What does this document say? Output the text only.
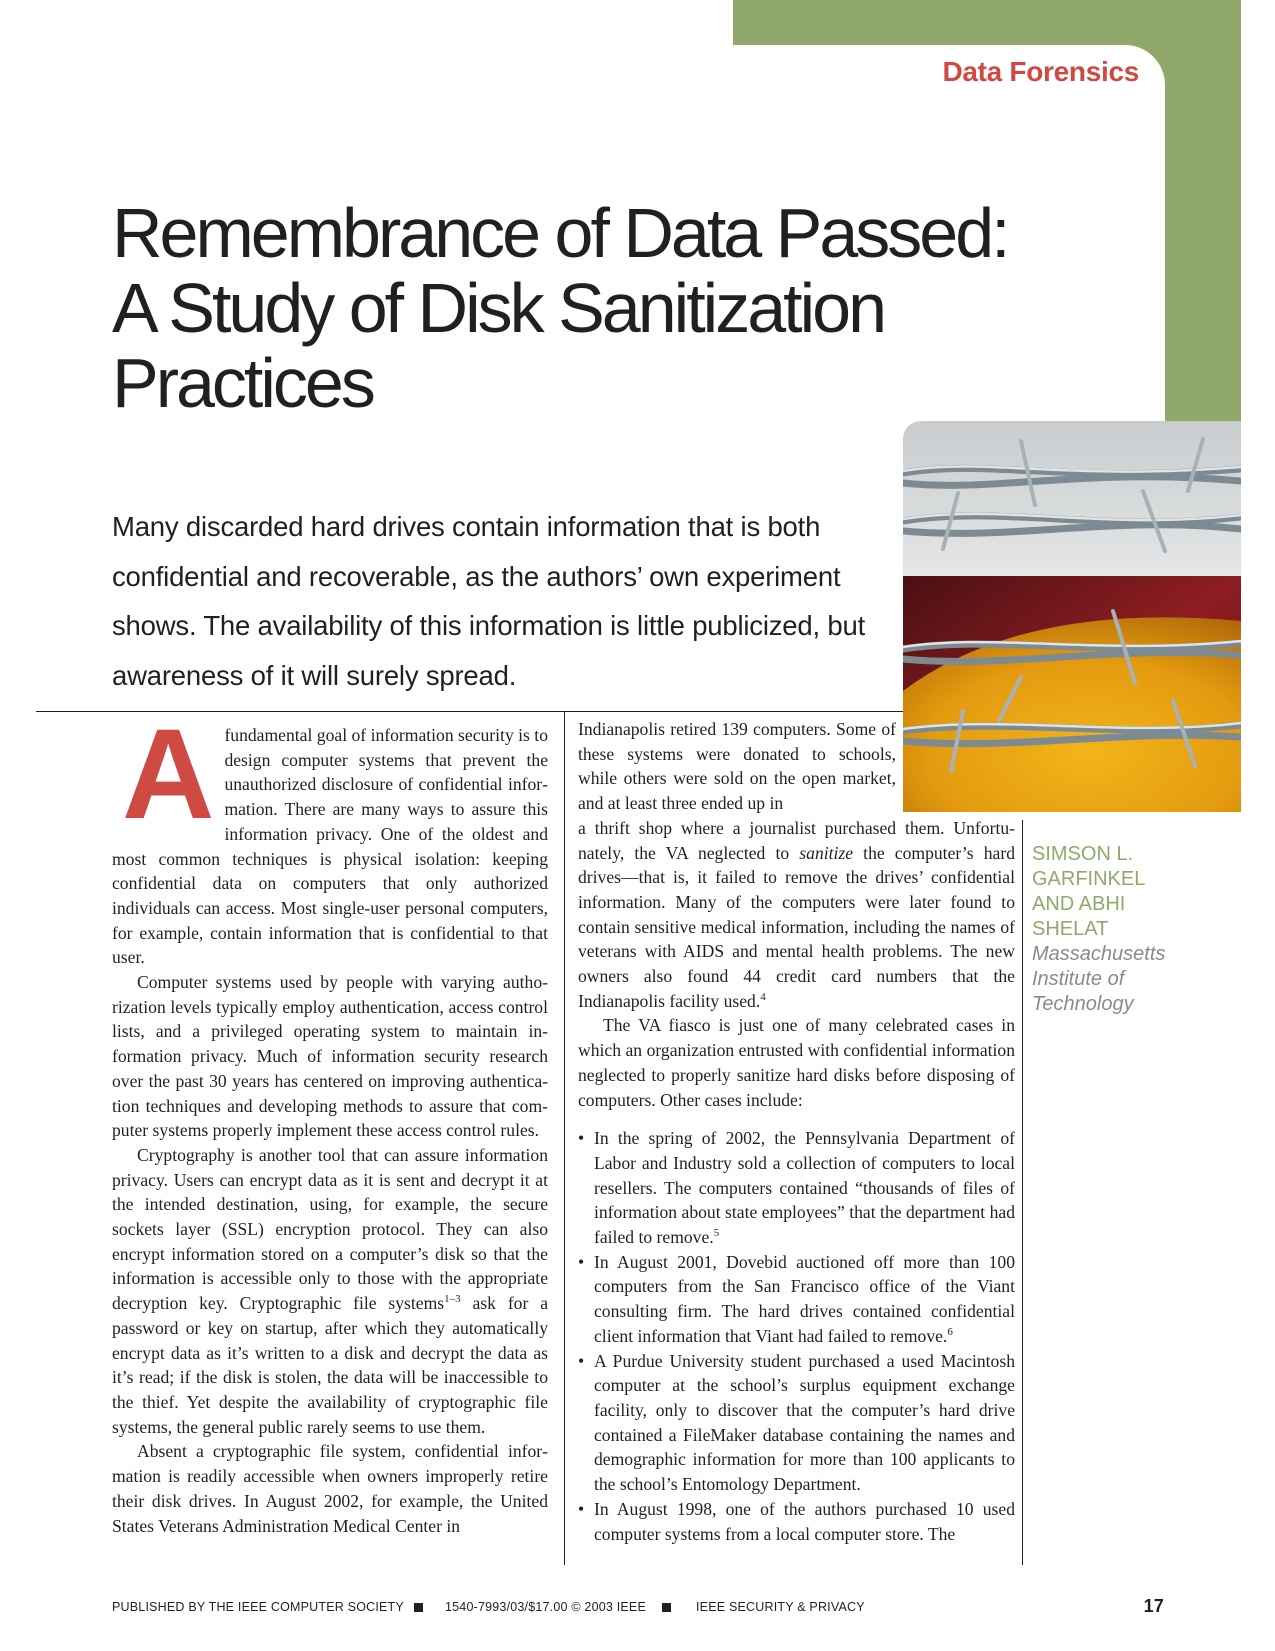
Data Forensics
Remembrance of Data Passed:
A Study of Disk Sanitization
Practices

Many discarded hard drives contain information that is both confidential and recoverable, as the authors’ own experiment shows. The availability of this information is little publicized, but awareness of it will surely spread.

SIMSON L.
GARFINKEL
AND ABHI
SHELAT
Massachusetts
Institute of
Technology

Afundamental goal of information security is to design computer systems that prevent the unauthorized disclosure of confidential information. There are many ways to assure this information privacy. One of the oldest and most common techniques is physical isolation: keeping confidential data on computers that only authorized individuals can access. Most single-user personal computers, for example, contain information that is confidential to that user.

Computer systems used by people with varying authorization levels typically employ authentication, access control lists, and a privileged operating system to maintain information privacy. Much of information security research over the past 30 years has centered on improving authentication techniques and developing methods to assure that computer systems properly implement these access control rules.

Cryptography is another tool that can assure information privacy. Users can encrypt data as it is sent and decrypt it at the intended destination, using, for example, the secure sockets layer (SSL) encryption protocol. They can also encrypt information stored on a computer’s disk so that the information is accessible only to those with the appropriate decryption key. Cryptographic file systems$^{1-3}$ ask for a password or key on startup, after which they automatically encrypt data as it’s written to a disk and decrypt the data as it’s read; if the disk is stolen, the data will be inaccessible to the thief. Yet despite the availability of cryptographic file systems, the general public rarely seems to use them.

Absent a cryptographic file system, confidential information is readily accessible when owners improperly retire their disk drives. In August 2002, for example, the United States Veterans Administration Medical Center in

Indianapolis retired 139 computers. Some of these systems were donated to schools, while others were sold on the open market, and at least three ended up in

a thrift shop where a journalist purchased them. Unfortunately, the VA neglected to sanitize the computer’s hard drives—that is, it failed to remove the drives’ confidential information. Many of the computers were later found to contain sensitive medical information, including the names of veterans with AIDS and mental health problems. The new owners also found 44 credit card numbers that the Indianapolis facility used.$^4$

The VA fiasco is just one of many celebrated cases in which an organization entrusted with confidential information neglected to properly sanitize hard disks before disposing of computers. Other cases include:

• In the spring of 2002, the Pennsylvania Department of Labor and Industry sold a collection of computers to local resellers. The computers contained “thousands of files of information about state employees” that the department had failed to remove.$^5$
• In August 2001, Dovebid auctioned off more than 100 computers from the San Francisco office of the Viant consulting firm. The hard drives contained confidential client information that Viant had failed to remove.$^6$
• A Purdue University student purchased a used Macintosh computer at the school’s surplus equipment exchange facility, only to discover that the computer’s hard drive contained a FileMaker database containing the names and demographic information for more than 100 applicants to the school’s Entomology Department.
• In August 1998, one of the authors purchased 10 used computer systems from a local computer store. The
PUBLISHED BY THE IEEE COMPUTER SOCIETY	1540-7993/03/$17.00 © 2003 IEEE	IEEE SECURITY & PRIVACY	17
